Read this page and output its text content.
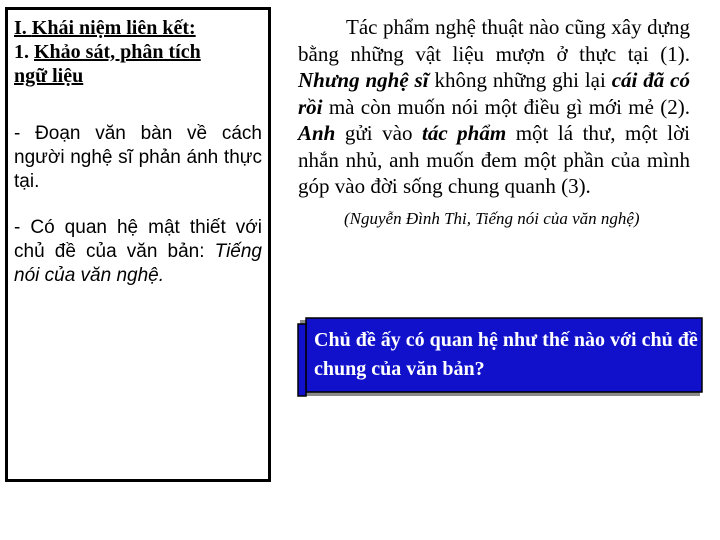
I. Khái niệm liên kết:

1. Khảo sát, phân tích
ngữ liệu

- Đoạn văn bàn về cách người nghệ sĩ phản ánh thực tại.

- Có quan hệ mật thiết với chủ đề của văn bản: Tiếng nói của văn nghệ.

Tác phẩm nghệ thuật nào cũng xây dựng bằng những vật liệu mượn ở thực tại (1). Nhưng nghệ sĩ không những ghi lại cái đã có rồi mà còn muốn nói một điều gì mới mẻ (2). Anh gửi vào tác phẩm một lá thư, một lời nhắn nhủ, anh muốn đem một phần của mình góp vào đời sống chung quanh (3).
(Nguyễn Đình Thi, Tiếng nói của văn nghệ)
Chủ đề ấy có quan hệ như thế nào với chủ đề chung của văn bản?
